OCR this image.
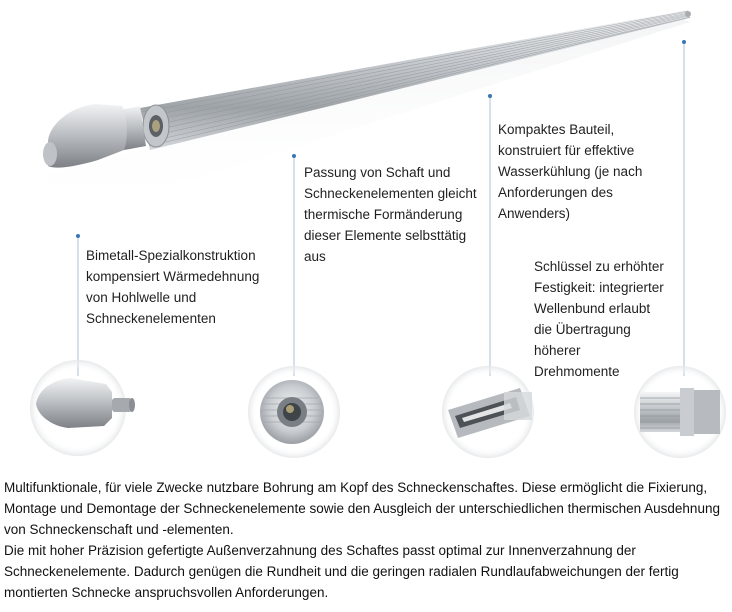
Bimetall-Spezialkonstruktion
kompensiert Wärmedehnung
von Hohlwelle und
Schneckenelementen
Passung von Schaft und
Schneckenelementen gleicht
thermische Formänderung
dieser Elemente selbsttätig
aus
Kompaktes Bauteil,
konstruiert für effektive
Wasserkühlung (je nach
Anforderungen des
Anwenders)
Schlüssel zu erhöhter
Festigkeit: integrierter
Wellenbund erlaubt
die Übertragung
höherer
Drehmomente

Multifunktionale, für viele Zwecke nutzbare Bohrung am Kopf des Schneckenschaftes. Diese ermöglicht die Fixierung, Montage und Demontage der Schneckenelemente sowie den Ausgleich der unterschiedlichen thermischen Ausdehnung von Schneckenschaft und -elementen.

Die mit hoher Präzision gefertigte Außenverzahnung des Schaftes passt optimal zur Innenverzahnung der Schneckenelemente. Dadurch genügen die Rundheit und die geringen radialen Rundlaufabweichungen der fertig montierten Schnecke anspruchsvollen Anforderungen.
